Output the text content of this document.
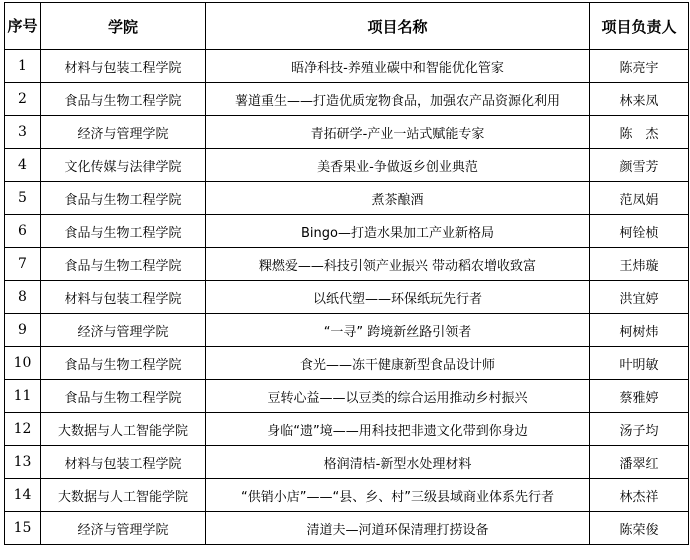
序号	学院	项目名称	项目负责人
1	材料与包装工程学院	晤净科技-养殖业碳中和智能优化管家	陈亮宇
2	食品与生物工程学院	薯道重生——打造优质宠物食品，加强农产品资源化利用	林来凤
3	经济与管理学院	青拓研学-产业一站式赋能专家	陈　杰
4	文化传媒与法律学院	美香果业-争做返乡创业典范	颜雪芳
5	食品与生物工程学院	煮茶酿酒	范凤娟
6	食品与生物工程学院	Bingo—打造水果加工产业新格局	柯铨桢
7	食品与生物工程学院	粿燃爱——科技引领产业振兴 带动稻农增收致富	王炜璇
8	材料与包装工程学院	以纸代塑——环保纸玩先行者	洪宜婷
9	经济与管理学院	“一寻” 跨境新丝路引领者	柯树炜
10	食品与生物工程学院	食光——冻干健康新型食品设计师	叶明敏
11	食品与生物工程学院	豆转心益——以豆类的综合运用推动乡村振兴	蔡雅婷
12	大数据与人工智能学院	身临“遗”境——用科技把非遗文化带到你身边	汤子均
13	材料与包装工程学院	格润清桔-新型水处理材料	潘翠红
14	大数据与人工智能学院	“供销小店”——“县、乡、村”三级县域商业体系先行者	林杰祥
15	经济与管理学院	清道夫—河道环保清理打捞设备	陈荣俊
